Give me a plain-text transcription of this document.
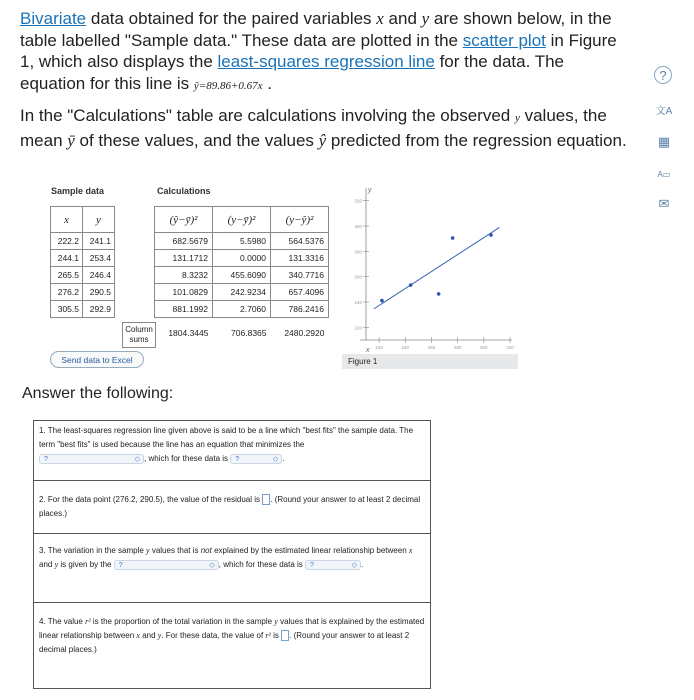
Bivariate data obtained for the paired variables x and y are shown below, in the table labelled "Sample data." These data are plotted in the scatter plot in Figure 1, which also displays the least-squares regression line for the data. The equation for this line is ŷ=89.86+0.67x .

In the "Calculations" table are calculations involving the observed y values, the mean ȳ of these values, and the values ŷ predicted from the regression equation.

?
文A
▦
A▭
✉
Sample data	Calculations
x	y
222.2	241.1
244.1	253.4
265.5	246.4
276.2	290.5
305.5	292.9
(ŷ−ȳ)²	(y−ȳ)²	(y−ŷ)²
682.5679	5.5980	564.5376
131.1712	0.0000	131.3316
8.3232	455.6090	340.7716
101.0829	242.9234	657.4096
881.1992	2.7060	786.2416
1804.3445	706.8365	2480.2920
Column sums
Send data to Excel
y
x
220
240
260
280
300
320
220	240	260	280	300	320
Figure 1
Answer the following:
1. The least-squares regression line given above is said to be a line which "best fits" the sample data. The term "best fits" is used because the line has an equation that minimizes the
?	◇ , which for these data is ?	◇ .
2. For the data point (276.2, 290.5), the value of the residual is . (Round your answer to at least 2 decimal places.)
3. The variation in the sample y values that is not explained by the estimated linear relationship between x and y is given by the ?	◇ , which for these data is ?	◇ .
4. The value r² is the proportion of the total variation in the sample y values that is explained by the estimated linear relationship between x and y. For these data, the value of r² is . (Round your answer to at least 2 decimal places.)
